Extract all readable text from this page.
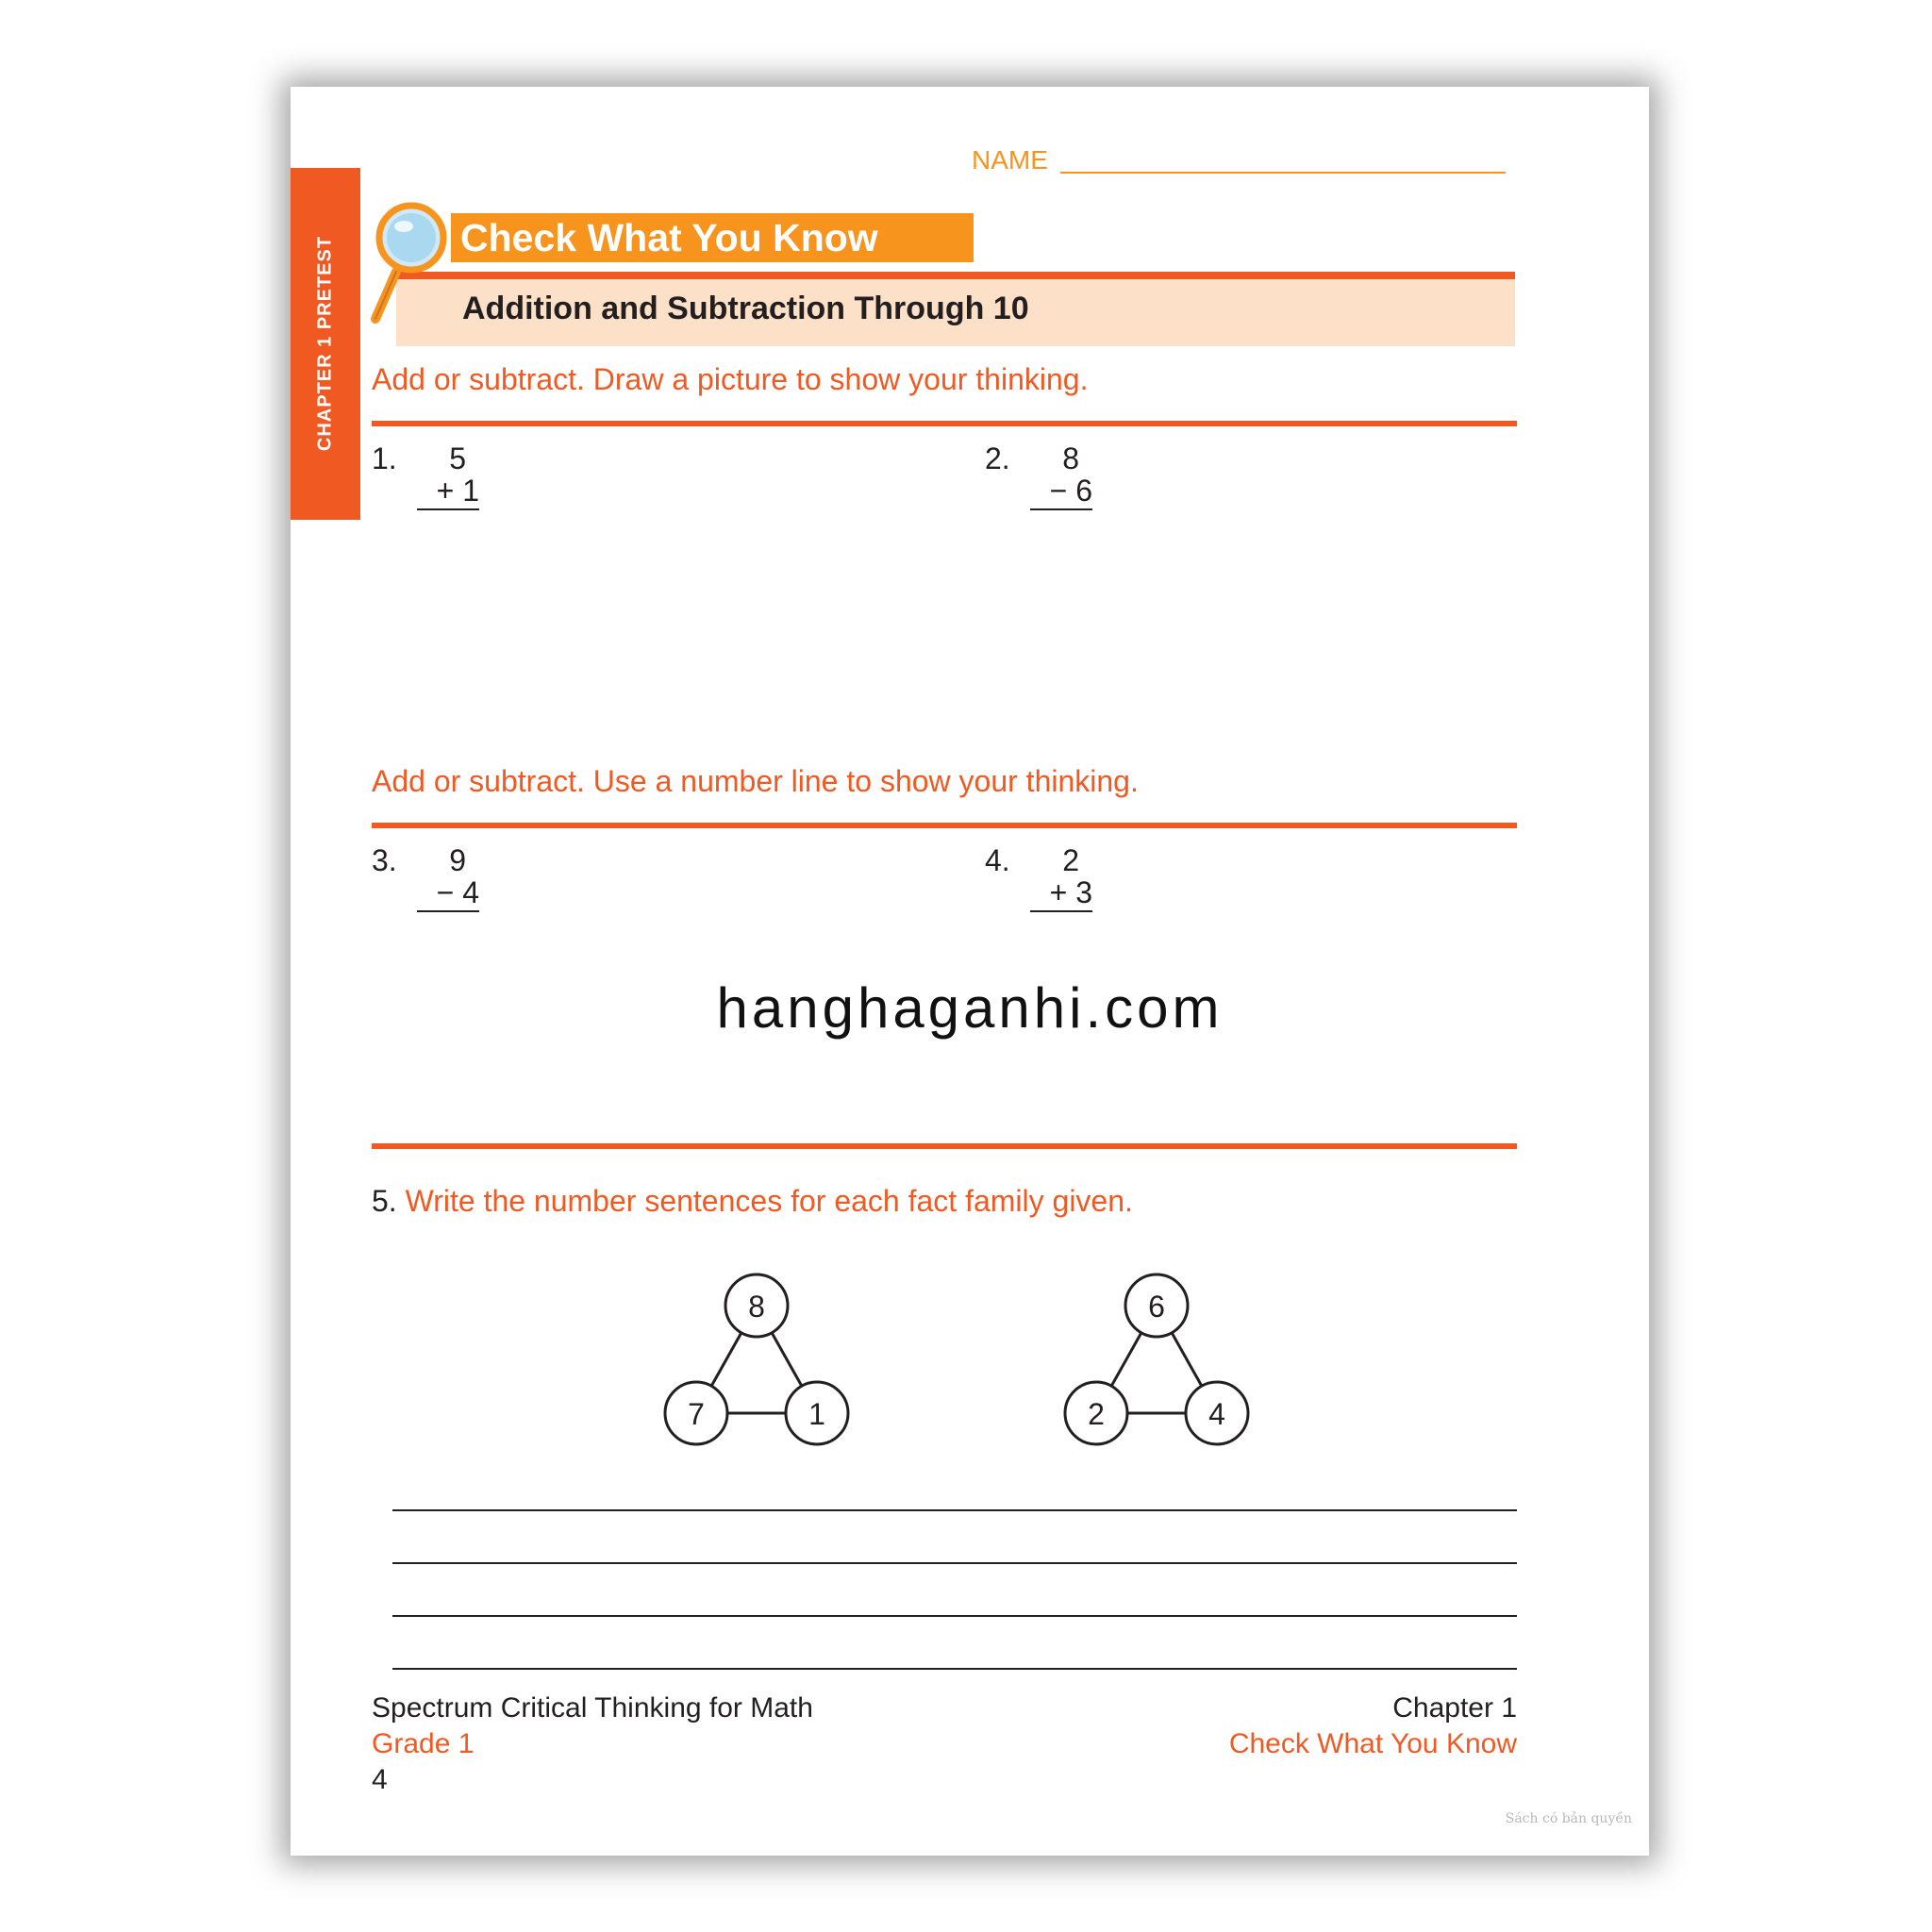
CHAPTER 1 PRETEST
NAME
Addition and Subtraction Through 10
Check What You Know
Add or subtract. Draw a picture to show your thinking.
1. 5
+ 1
2. 8
− 6
Add or subtract. Use a number line to show your thinking.
3. 9
− 4
4. 2
+ 3
hanghaganhi.com
5. Write the number sentences for each fact family given.
8
7	1
6
2	4
Spectrum Critical Thinking for Math
Grade 1
4
Chapter 1
Check What You Know
Sách có bản quyền
